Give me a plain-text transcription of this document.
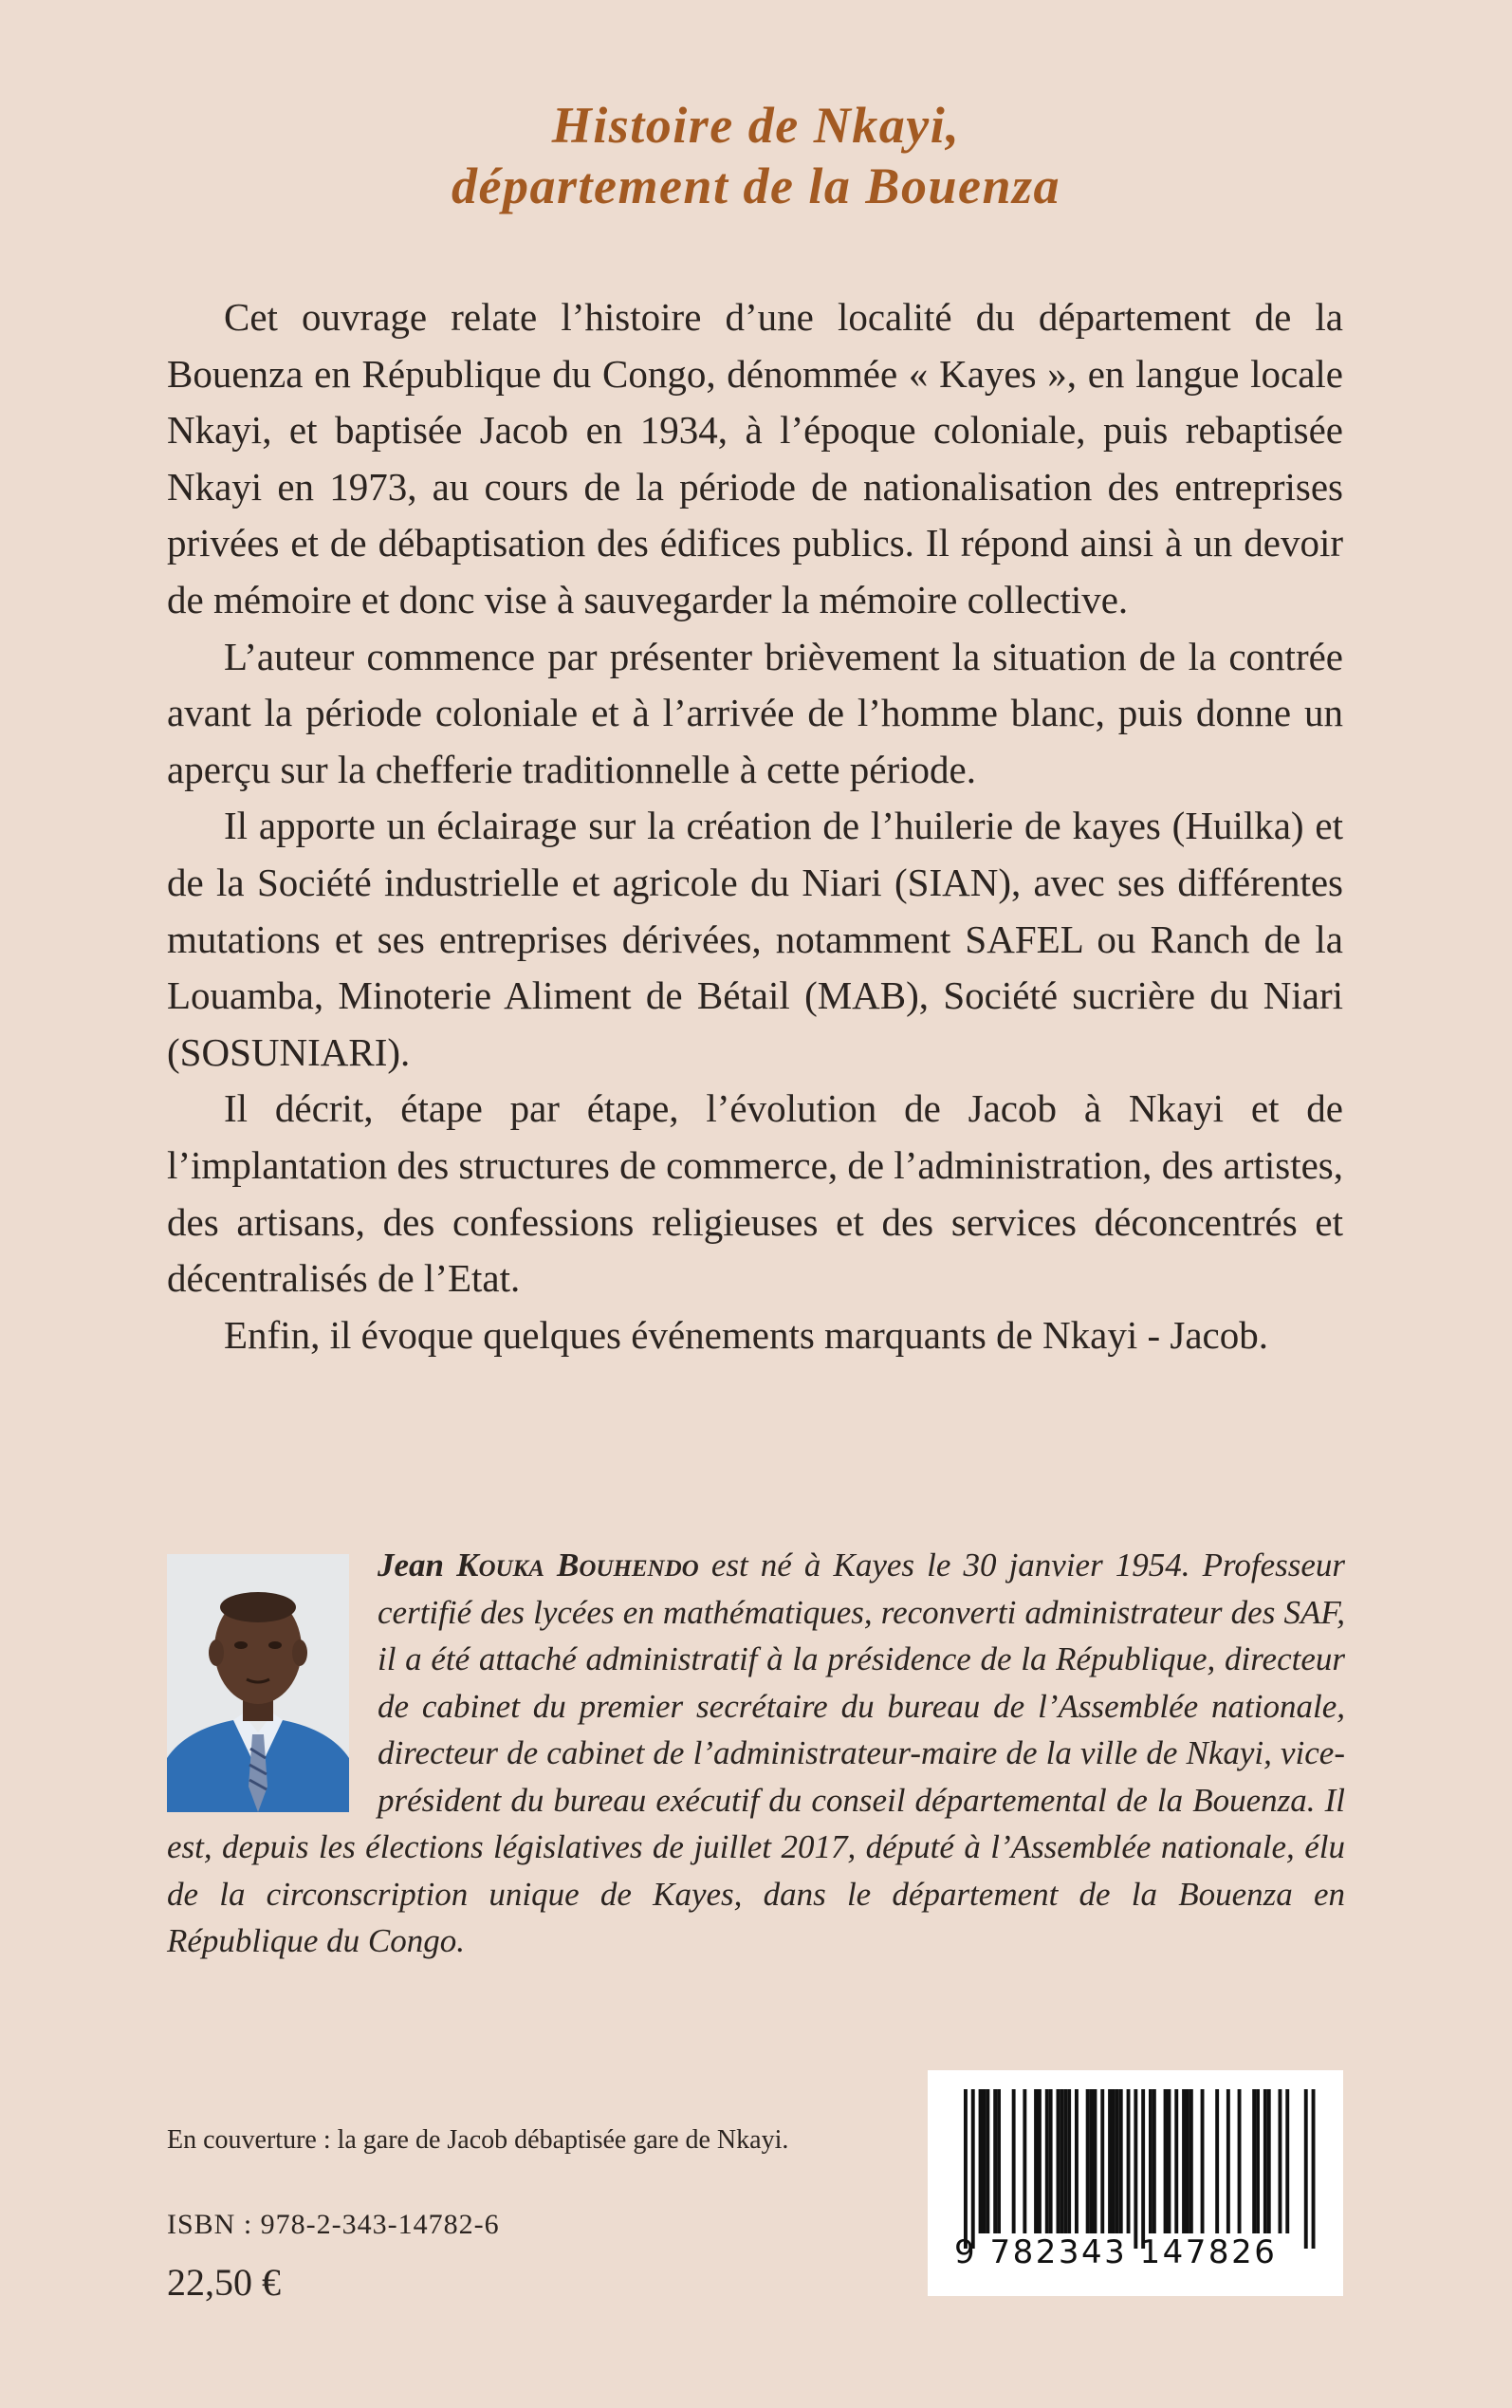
Histoire de Nkayi,
département de la Bouenza

Cet ouvrage relate l’histoire d’une localité du département de la Bouenza en République du Congo, dénommée « Kayes », en langue locale Nkayi, et baptisée Jacob en 1934, à l’époque coloniale, puis rebaptisée Nkayi en 1973, au cours de la période de nationalisation des entreprises privées et de débaptisation des édifices publics. Il répond ainsi à un devoir de mémoire et donc vise à sauvegarder la mémoire collective.

L’auteur commence par présenter brièvement la situation de la contrée avant la période coloniale et à l’arrivée de l’homme blanc, puis donne un aperçu sur la chefferie traditionnelle à cette période.

Il apporte un éclairage sur la création de l’huilerie de kayes (Huilka) et de la Société industrielle et agricole du Niari (SIAN), avec ses différentes mutations et ses entreprises dérivées, notamment SAFEL ou Ranch de la Louamba, Minoterie Aliment de Bétail (MAB), Société sucrière du Niari (SOSUNIARI).

Il décrit, étape par étape, l’évolution de Jacob à Nkayi et de l’implantation des structures de commerce, de l’administration, des artistes, des artisans, des confessions religieuses et des services déconcentrés et décentralisés de l’Etat.

Enfin, il évoque quelques événements marquants de Nkayi - Jacob.

Jean Kouka Bouhendo est né à Kayes le 30 janvier 1954. Professeur certifié des lycées en mathématiques, reconverti administrateur des SAF, il a été attaché administratif à la présidence de la République, directeur de cabinet du premier secrétaire du bureau de l’Assemblée nationale, directeur de cabinet de l’administrateur-maire de la ville de Nkayi, vice-président du bureau exécutif du conseil départemental de la Bouenza. Il est, depuis les élections législatives de juillet 2017, député à l’Assemblée nationale, élu de la circonscription unique de Kayes, dans le département de la Bouenza en République du Congo.

En couverture : la gare de Jacob débaptisée gare de Nkayi.
ISBN : 978-2-343-14782-6
22,50 €
9 782343 147826
